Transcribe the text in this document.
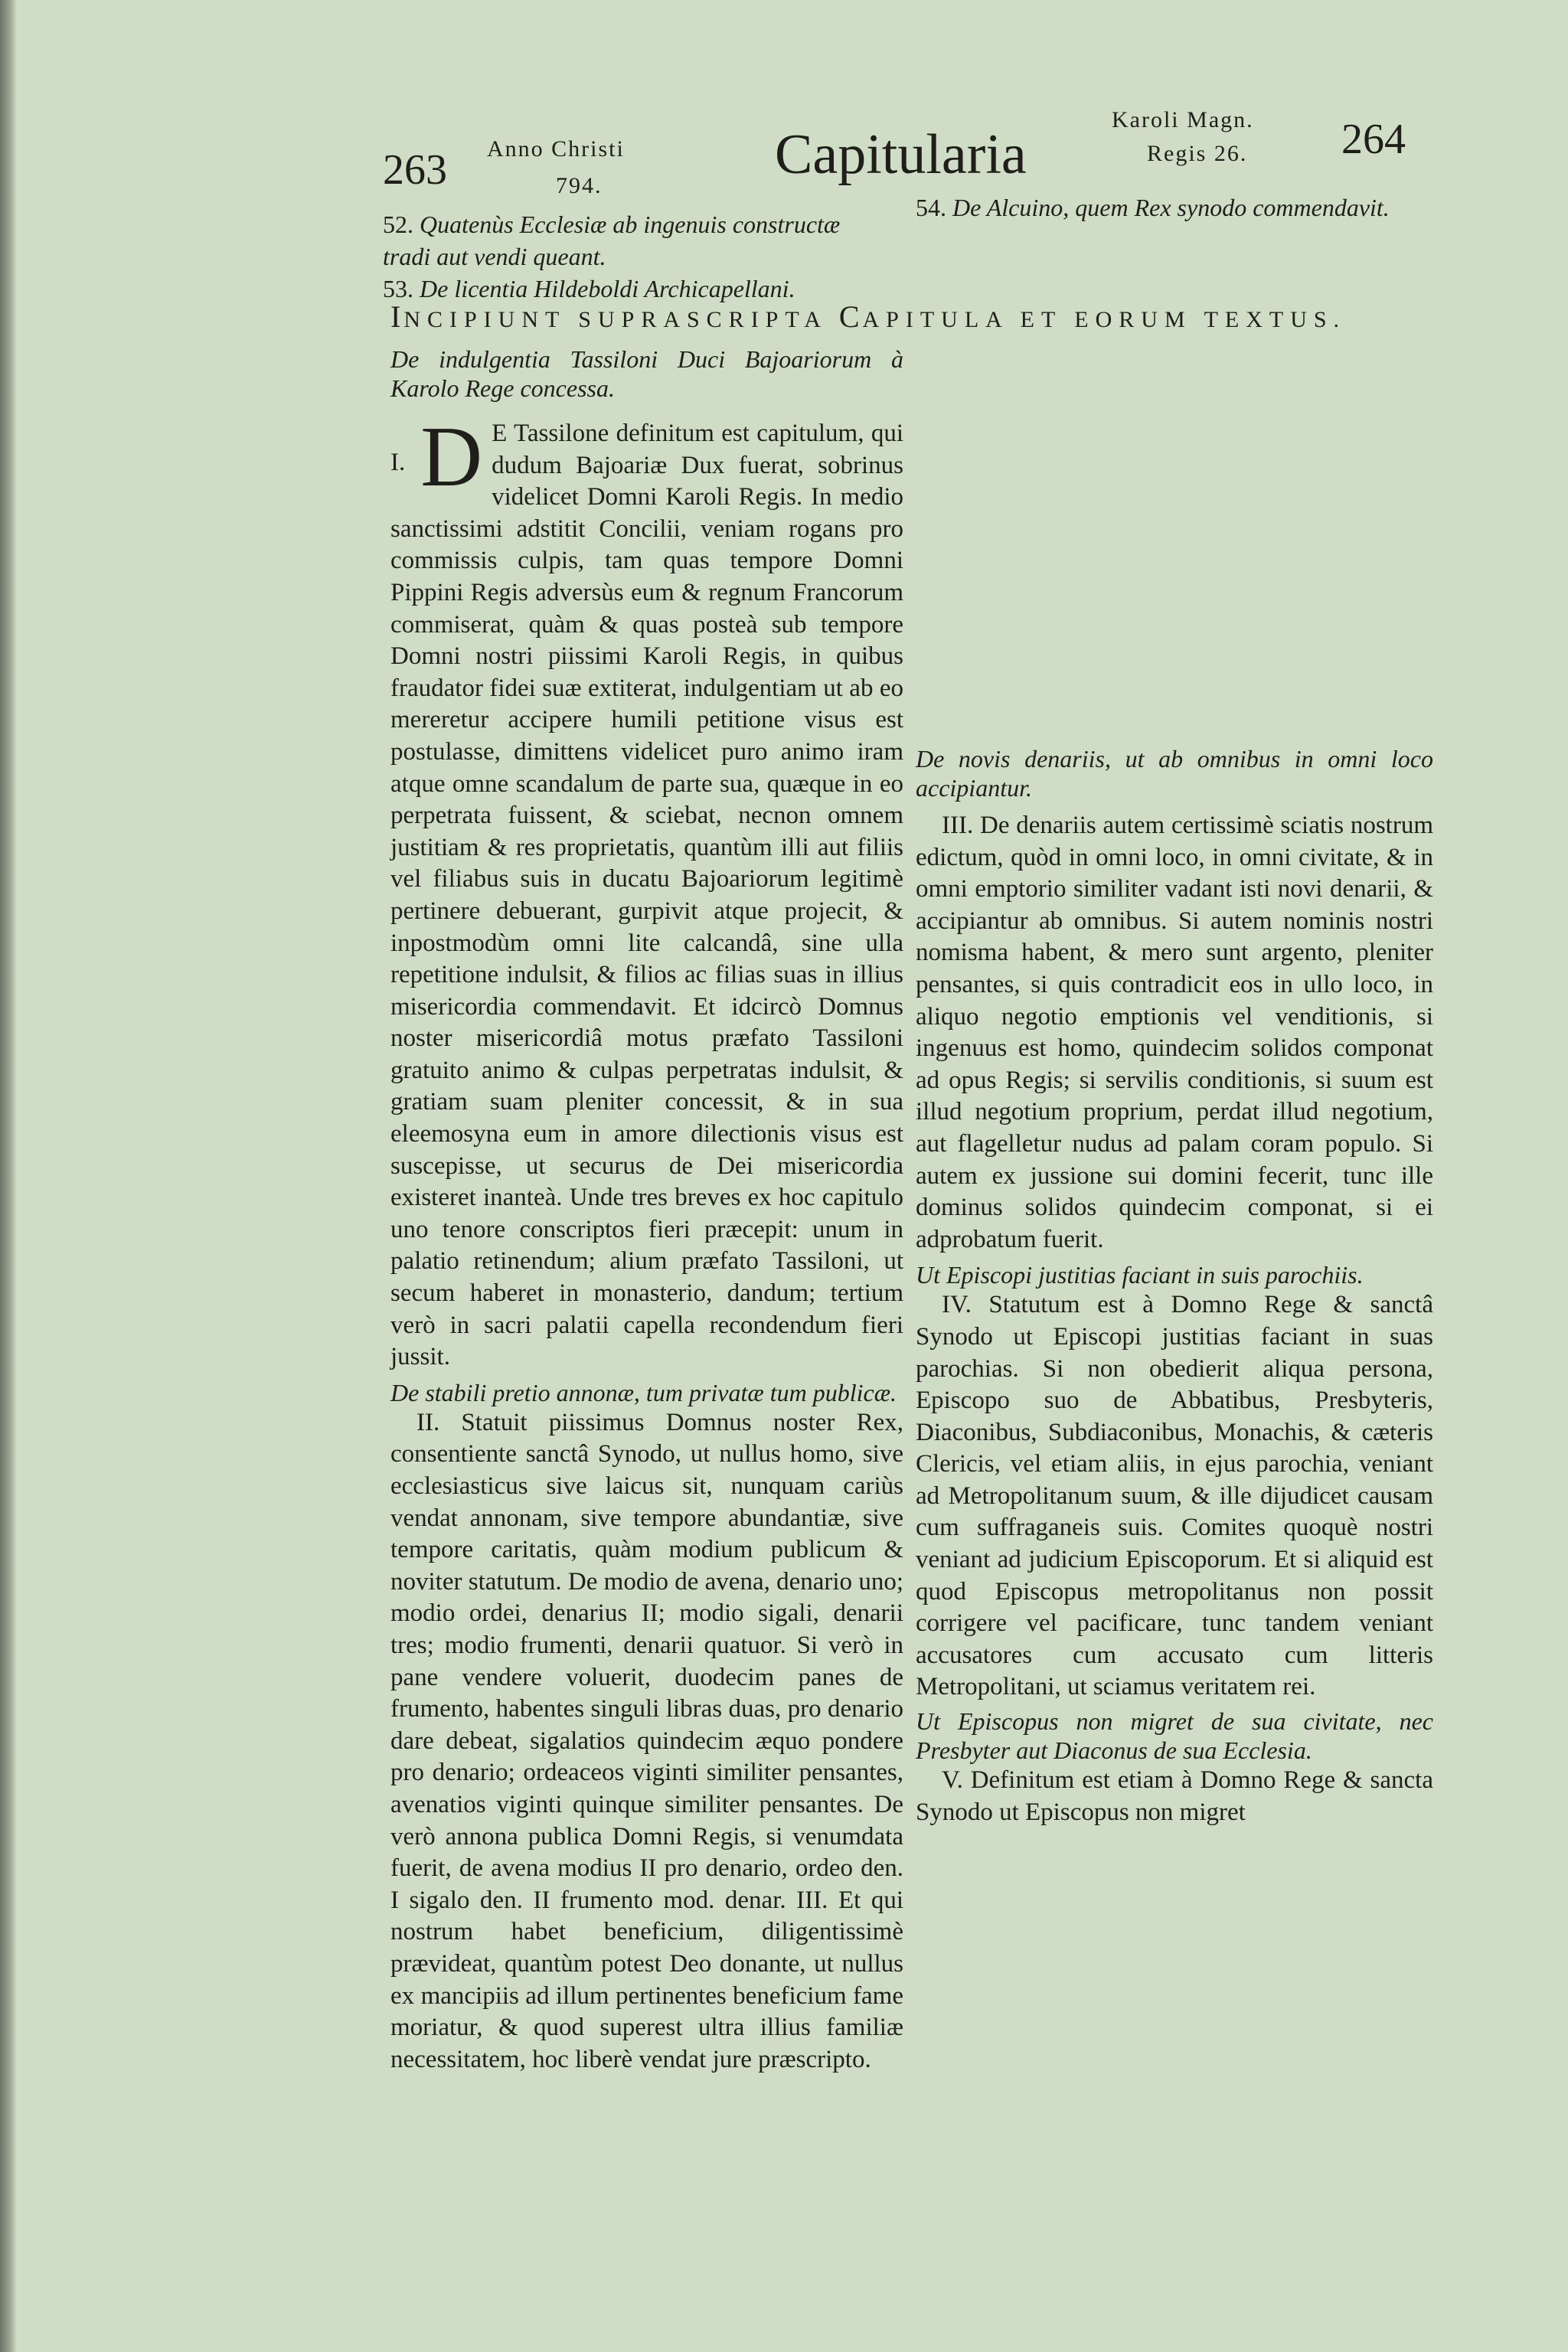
263 Anno Christi
794.	Capitularia
Karoli Magn.
Regis 26. 264
52. Quatenùs Ecclesiæ ab ingenuis constructæ tradi aut vendi queant.
53. De licentia Hildeboldi Archicapellani.
54. De Alcuino, quem Rex synodo commendavit.
INCIPIUNT SUPRASCRIPTA CAPITULA ET EORUM TEXTUS.

De indulgentia Tassiloni Duci Bajoariorum à Karolo Rege concessa.

I. D E Tassilone definitum est capitulum, qui dudum Bajoariæ Dux fuerat, sobrinus videlicet Domni Karoli Regis. In medio sanctissimi adstitit Concilii, veniam rogans pro commissis culpis, tam quas tempore Domni Pippini Regis adversùs eum & regnum Francorum commiserat, quàm & quas posteà sub tempore Domni nostri piissimi Karoli Regis, in quibus fraudator fidei suæ extiterat, indulgentiam ut ab eo mereretur accipere humili petitione visus est postulasse, dimittens videlicet puro animo iram atque omne scandalum de parte sua, quæque in eo perpetrata fuissent, & sciebat, necnon omnem justitiam & res proprietatis, quantùm illi aut filiis vel filiabus suis in ducatu Bajoariorum legitimè pertinere debuerant, gurpivit atque projecit, & inpostmodùm omni lite calcandâ, sine ulla repetitione indulsit, & filios ac filias suas in illius misericordia commendavit. Et idcircò Domnus noster misericordiâ motus præfato Tassiloni gratuito animo & culpas perpetratas indulsit, & gratiam suam pleniter concessit, & in sua eleemosyna eum in amore dilectionis visus est suscepisse, ut securus de Dei misericordia existeret inanteà. Unde tres breves ex hoc capitulo uno tenore conscriptos fieri præcepit: unum in palatio retinendum; alium præfato Tassiloni, ut secum haberet in monasterio, dandum; tertium verò in sacri palatii capella recondendum fieri jussit.

De stabili pretio annonæ, tum privatæ tum publicæ.

II. Statuit piissimus Domnus noster Rex, consentiente sanctâ Synodo, ut nullus homo, sive ecclesiasticus sive laicus sit, nunquam cariùs vendat annonam, sive tempore abundantiæ, sive tempore caritatis, quàm modium publicum & noviter statutum. De modio de avena, denario uno; modio ordei, denarius II; modio sigali, denarii tres; modio frumenti, denarii quatuor. Si verò in pane vendere voluerit, duodecim panes de frumento, habentes singuli libras duas, pro denario dare debeat, sigalatios quindecim æquo pondere pro denario; ordeaceos viginti similiter pensantes, avenatios viginti quinque similiter pensantes. De verò annona publica Domni Regis, si venumdata fuerit, de avena modius II pro denario, ordeo den. I sigalo den. II frumento mod. denar. III. Et qui nostrum habet beneficium, diligentissimè prævideat, quantùm potest Deo donante, ut nullus ex mancipiis ad illum pertinentes beneficium fame moriatur, & quod superest ultra illius familiæ necessitatem, hoc liberè vendat jure præscripto.

De novis denariis, ut ab omnibus in omni loco accipiantur.

III. De denariis autem certissimè sciatis nostrum edictum, quòd in omni loco, in omni civitate, & in omni emptorio similiter vadant isti novi denarii, & accipiantur ab omnibus. Si autem nominis nostri nomisma habent, & mero sunt argento, pleniter pensantes, si quis contradicit eos in ullo loco, in aliquo negotio emptionis vel venditionis, si ingenuus est homo, quindecim solidos componat ad opus Regis; si servilis conditionis, si suum est illud negotium proprium, perdat illud negotium, aut flagelletur nudus ad palam coram populo. Si autem ex jussione sui domini fecerit, tunc ille dominus solidos quindecim componat, si ei adprobatum fuerit.

Ut Episcopi justitias faciant in suis parochiis.

IV. Statutum est à Domno Rege & sanctâ Synodo ut Episcopi justitias faciant in suas parochias. Si non obedierit aliqua persona, Episcopo suo de Abbatibus, Presbyteris, Diaconibus, Subdiaconibus, Monachis, & cæteris Clericis, vel etiam aliis, in ejus parochia, veniant ad Metropolitanum suum, & ille dijudicet causam cum suffraganeis suis. Comites quoquè nostri veniant ad judicium Episcoporum. Et si aliquid est quod Episcopus metropolitanus non possit corrigere vel pacificare, tunc tandem veniant accusatores cum accusato cum litteris Metropolitani, ut sciamus veritatem rei.

Ut Episcopus non migret de sua civitate, nec Presbyter aut Diaconus de sua Ecclesia.

V. Definitum est etiam à Domno Rege & sancta Synodo ut Episcopus non migret
